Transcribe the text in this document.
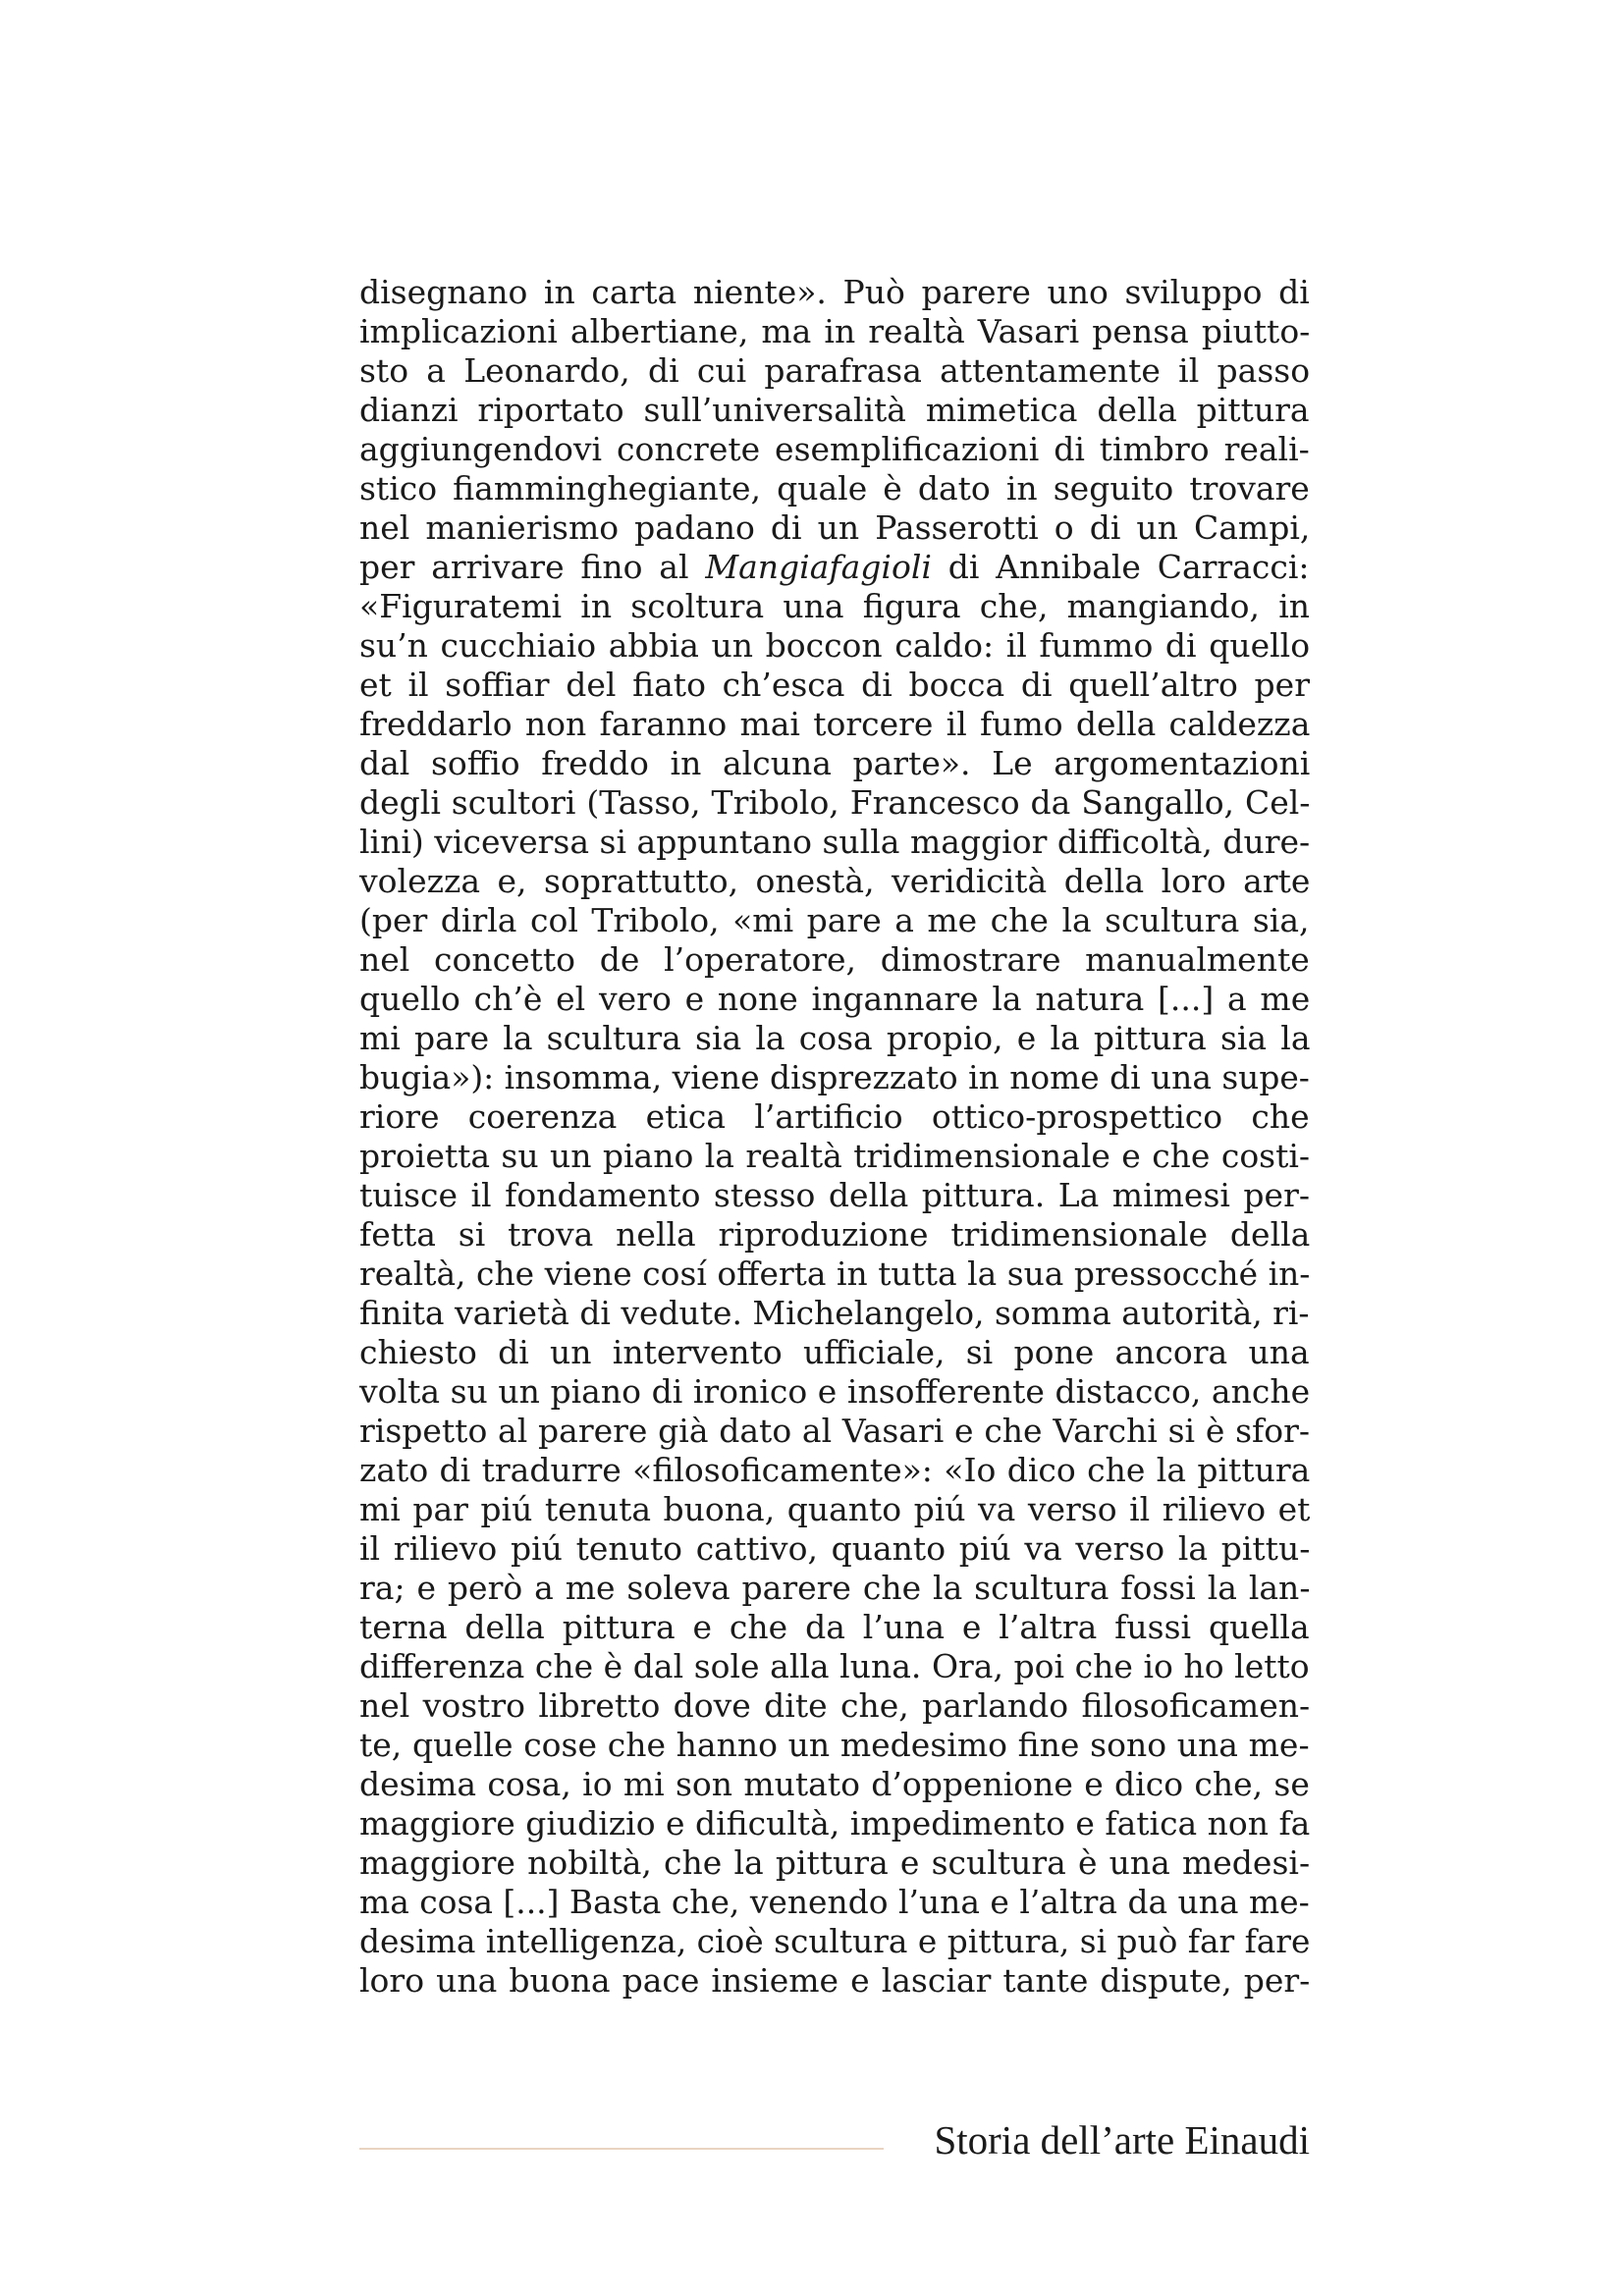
disegnano in carta niente». Può parere uno sviluppo di
implicazioni albertiane, ma in realtà Vasari pensa piutto-
sto a Leonardo, di cui parafrasa attentamente il passo
dianzi riportato sull’universalità mimetica della pittura
aggiungendovi concrete esemplificazioni di timbro reali-
stico fiamminghegiante, quale è dato in seguito trovare
nel manierismo padano di un Passerotti o di un Campi,
per arrivare fino al Mangiafagioli di Annibale Carracci:
«Figuratemi in scoltura una figura che, mangiando, in
su’n cucchiaio abbia un boccon caldo: il fummo di quello
et il soffiar del fiato ch’esca di bocca di quell’altro per
freddarlo non faranno mai torcere il fumo della caldezza
dal soffio freddo in alcuna parte». Le argomentazioni
degli scultori (Tasso, Tribolo, Francesco da Sangallo, Cel-
lini) viceversa si appuntano sulla maggior difficoltà, dure-
volezza e, soprattutto, onestà, veridicità della loro arte
(per dirla col Tribolo, «mi pare a me che la scultura sia,
nel concetto de l’operatore, dimostrare manualmente
quello ch’è el vero e none ingannare la natura [...] a me
mi pare la scultura sia la cosa propio, e la pittura sia la
bugia»): insomma, viene disprezzato in nome di una supe-
riore coerenza etica l’artificio ottico-prospettico che
proietta su un piano la realtà tridimensionale e che costi-
tuisce il fondamento stesso della pittura. La mimesi per-
fetta si trova nella riproduzione tridimensionale della
realtà, che viene cosí offerta in tutta la sua pressocché in-
finita varietà di vedute. Michelangelo, somma autorità, ri-
chiesto di un intervento ufficiale, si pone ancora una
volta su un piano di ironico e insofferente distacco, anche
rispetto al parere già dato al Vasari e che Varchi si è sfor-
zato di tradurre «filosoficamente»: «Io dico che la pittura
mi par piú tenuta buona, quanto piú va verso il rilievo et
il rilievo piú tenuto cattivo, quanto piú va verso la pittu-
ra; e però a me soleva parere che la scultura fossi la lan-
terna della pittura e che da l’una e l’altra fussi quella
differenza che è dal sole alla luna. Ora, poi che io ho letto
nel vostro libretto dove dite che, parlando filosoficamen-
te, quelle cose che hanno un medesimo fine sono una me-
desima cosa, io mi son mutato d’oppenione e dico che, se
maggiore giudizio e dificultà, impedimento e fatica non fa
maggiore nobiltà, che la pittura e scultura è una medesi-
ma cosa [...] Basta che, venendo l’una e l’altra da una me-
desima intelligenza, cioè scultura e pittura, si può far fare
loro una buona pace insieme e lasciar tante dispute, per-
Storia dell’arte Einaudi
